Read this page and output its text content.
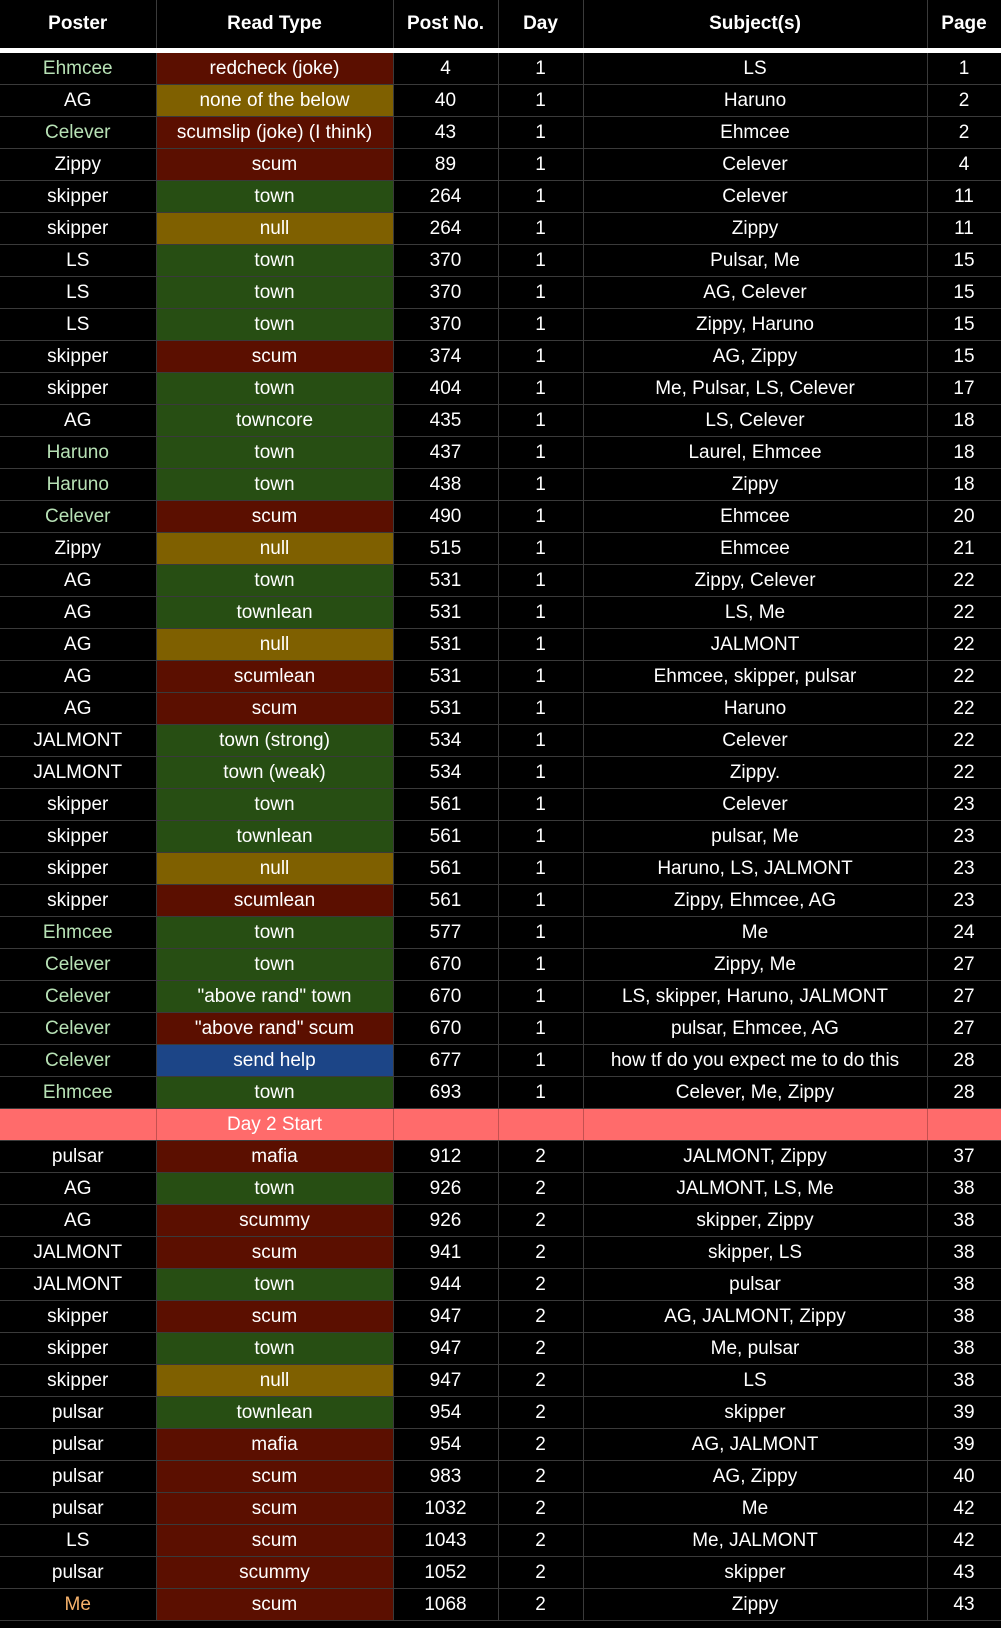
Poster	Read Type	Post No.	Day	Subject(s)	Page
Ehmcee	redcheck (joke)	4	1	LS	1
AG	none of the below	40	1	Haruno	2
Celever	scumslip (joke) (I think)	43	1	Ehmcee	2
Zippy	scum	89	1	Celever	4
skipper	town	264	1	Celever	11
skipper	null	264	1	Zippy	11
LS	town	370	1	Pulsar, Me	15
LS	town	370	1	AG, Celever	15
LS	town	370	1	Zippy, Haruno	15
skipper	scum	374	1	AG, Zippy	15
skipper	town	404	1	Me, Pulsar, LS, Celever	17
AG	towncore	435	1	LS, Celever	18
Haruno	town	437	1	Laurel, Ehmcee	18
Haruno	town	438	1	Zippy	18
Celever	scum	490	1	Ehmcee	20
Zippy	null	515	1	Ehmcee	21
AG	town	531	1	Zippy, Celever	22
AG	townlean	531	1	LS, Me	22
AG	null	531	1	JALMONT	22
AG	scumlean	531	1	Ehmcee, skipper, pulsar	22
AG	scum	531	1	Haruno	22
JALMONT	town (strong)	534	1	Celever	22
JALMONT	town (weak)	534	1	Zippy.	22
skipper	town	561	1	Celever	23
skipper	townlean	561	1	pulsar, Me	23
skipper	null	561	1	Haruno, LS, JALMONT	23
skipper	scumlean	561	1	Zippy, Ehmcee, AG	23
Ehmcee	town	577	1	Me	24
Celever	town	670	1	Zippy, Me	27
Celever	"above rand" town	670	1	LS, skipper, Haruno, JALMONT	27
Celever	"above rand" scum	670	1	pulsar, Ehmcee, AG	27
Celever	send help	677	1	how tf do you expect me to do this	28
Ehmcee	town	693	1	Celever, Me, Zippy	28
	Day 2 Start				
pulsar	mafia	912	2	JALMONT, Zippy	37
AG	town	926	2	JALMONT, LS, Me	38
AG	scummy	926	2	skipper, Zippy	38
JALMONT	scum	941	2	skipper, LS	38
JALMONT	town	944	2	pulsar	38
skipper	scum	947	2	AG, JALMONT, Zippy	38
skipper	town	947	2	Me, pulsar	38
skipper	null	947	2	LS	38
pulsar	townlean	954	2	skipper	39
pulsar	mafia	954	2	AG, JALMONT	39
pulsar	scum	983	2	AG, Zippy	40
pulsar	scum	1032	2	Me	42
LS	scum	1043	2	Me, JALMONT	42
pulsar	scummy	1052	2	skipper	43
Me	scum	1068	2	Zippy	43
